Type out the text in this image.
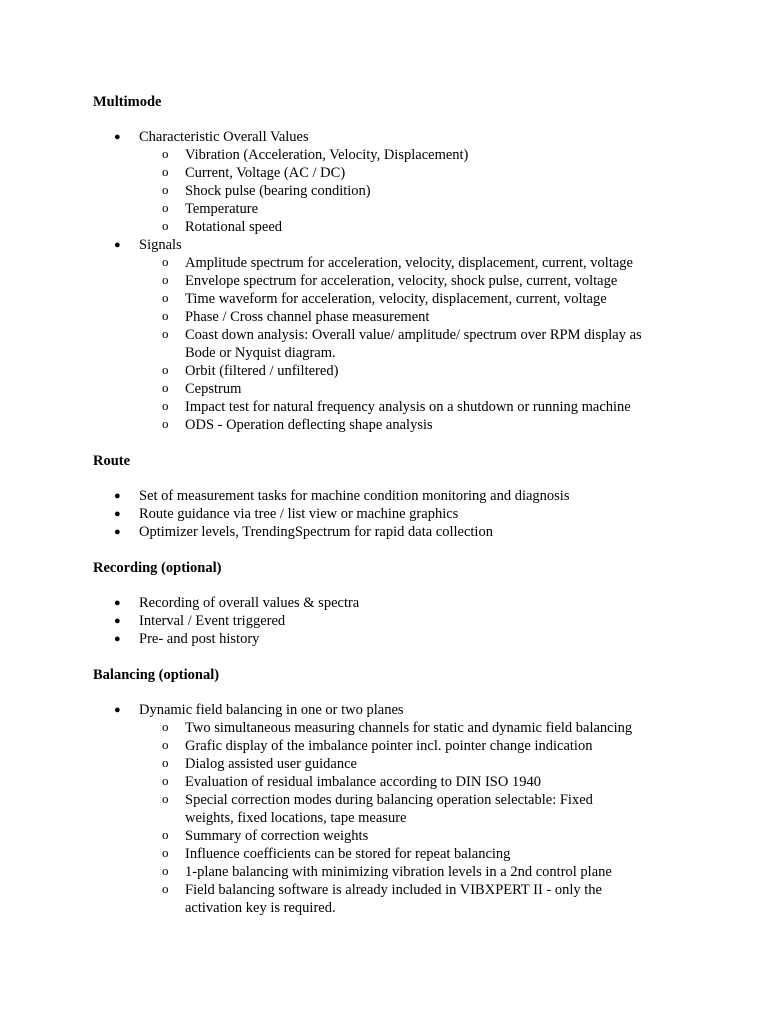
Multimode
● Characteristic Overall Values
o Vibration (Acceleration, Velocity, Displacement)
o Current, Voltage (AC / DC)
o Shock pulse (bearing condition)
o Temperature
o Rotational speed
● Signals
o Amplitude spectrum for acceleration, velocity, displacement, current, voltage
o Envelope spectrum for acceleration, velocity, shock pulse, current, voltage
o Time waveform for acceleration, velocity, displacement, current, voltage
o Phase / Cross channel phase measurement
o Coast down analysis: Overall value/ amplitude/ spectrum over RPM display as
Bode or Nyquist diagram.
o Orbit (filtered / unfiltered)
o Cepstrum
o Impact test for natural frequency analysis on a shutdown or running machine
o ODS - Operation deflecting shape analysis
Route
● Set of measurement tasks for machine condition monitoring and diagnosis
● Route guidance via tree / list view or machine graphics
● Optimizer levels, TrendingSpectrum for rapid data collection
Recording (optional)
● Recording of overall values & spectra
● Interval / Event triggered
● Pre- and post history
Balancing (optional)
● Dynamic field balancing in one or two planes
o Two simultaneous measuring channels for static and dynamic field balancing
o Grafic display of the imbalance pointer incl. pointer change indication
o Dialog assisted user guidance
o Evaluation of residual imbalance according to DIN ISO 1940
o Special correction modes during balancing operation selectable: Fixed
weights, fixed locations, tape measure
o Summary of correction weights
o Influence coefficients can be stored for repeat balancing
o 1-plane balancing with minimizing vibration levels in a 2nd control plane
o Field balancing software is already included in VIBXPERT II - only the
activation key is required.
